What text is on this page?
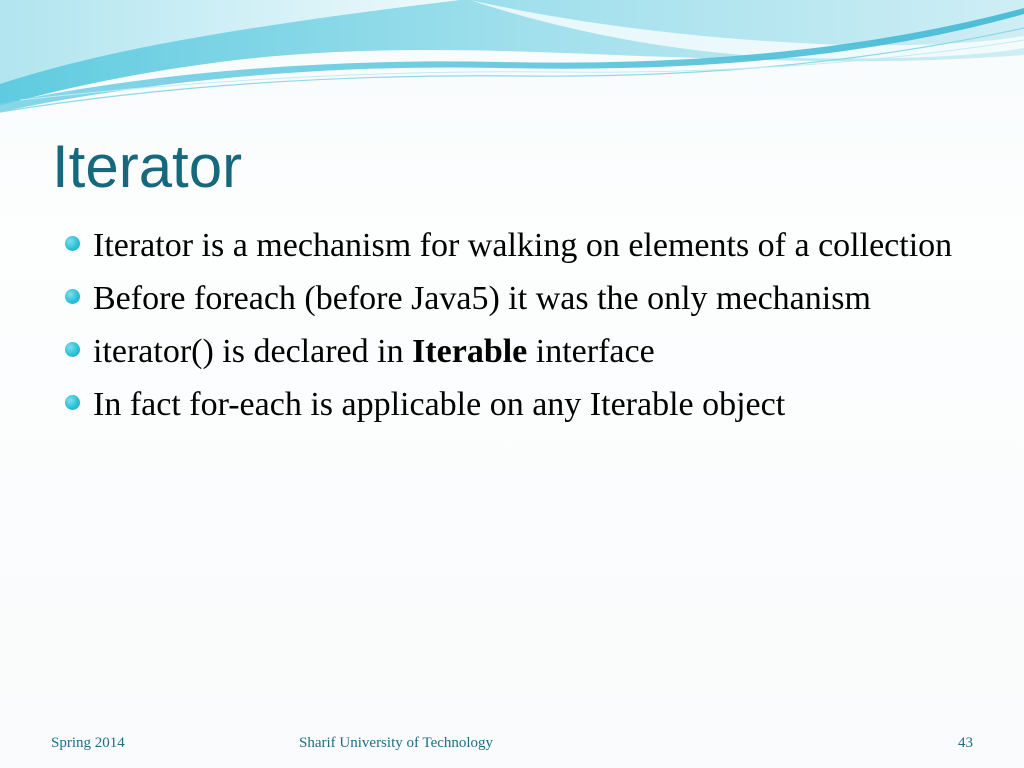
Iterator
Iterator is a mechanism for walking on elements of a collection
Before foreach (before Java5) it was the only mechanism
iterator() is declared in Iterable interface
In fact for-each is applicable on any Iterable object
Spring 2014	Sharif University of Technology	43
